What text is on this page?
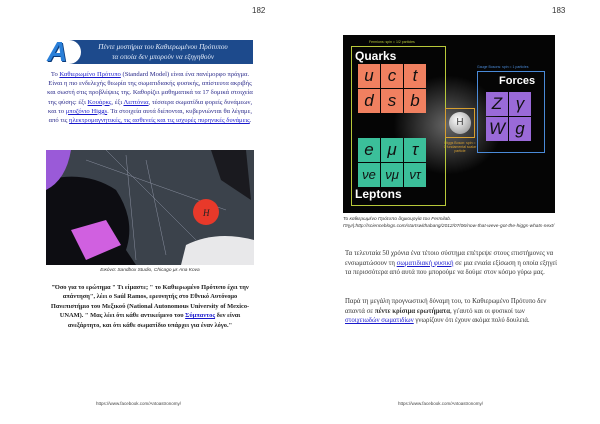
182
A	Πέντε μυστήρια του Καθιερωμένου Πρότυπου
τα οποία δεν μπορούν να εξηγηθούν

Το Καθιερωμένο Πρότυπο (Standard Model) είναι ένα πανέμορφο πράγμα. Είναι η πιο ενδελεχής θεωρία της σωματιδιακής φυσικής, απίστευτα ακριβής και σωστή στις προβλέψεις της. Καθορίζει μαθηματικά τα 17 δομικά στοιχεία της φύσης: έξι Κουάρκς, έξι Λεπτόνια, τέσσερα σωματίδια φορείς δυνάμεων, και το μποζόνιο Higgs. Τα στοιχεία αυτά διέπονται, κυβερνιώνται θα λέγαμε, από τις ηλεκτρομαγνητικές, τις ασθενείς και τις ισχυρές πυρηνικές δυνάμεις.

H
Εικόνα: Sandbox Studio, Chicago με Ana Kova

"Όσο για το ερώτημα " Τι είμαστε; " το Καθιερωμένο Πρότυπο έχει την απάντηση", λέει ο Saúl Ramos, ερευνητής στο Εθνικό Αυτόνομο Πανεπιστήμιο του Μεξικού (National Autonomous University of Mexico-UNAM). " Μας λέει ότι κάθε αντικείμενο του Σύμπαντος δεν είναι ανεξάρτητο, και ότι κάθε σωματίδιο υπάρχει για έναν λόγο."

https://www.facebook.com/Antoastronomy/
183
https://www.facebook.com/Antoastronomy/
Fermions: spin = 1/2 particles
Quarks
Leptons
u c t
d s b
e μ τ
νe νμ ντ
Gauge Bosons: spin = 1 particles
Forces
Z γ
W g
H
Higgs Boson: spin = 0 fundamental scalar particle
Το καθιερωμένο Πρότυπο δημιουργία του Fermilab.
Πηγή:http://scienceblogs.com/startswithabang/2012/07/06/now-that-weve-got-the-higgs-whats-next/

Τα τελευταία 50 χρόνια ένα τέτοιο σύστημα επέτρεψε στους επιστήμονες να ενσωματώσουν τη σωματιδιακή φυσική σε μια ενιαία εξίσωση η οποία εξηγεί τα περισσότερα από αυτά που μπορούμε να δούμε στον κόσμο γύρω μας.

Παρά τη μεγάλη προγνωστική δύναμη του, το Καθιερωμένο Πρότυπο δεν απαντά σε πέντε κρίσιμα ερωτήματα, γι'αυτό και οι φυσικοί των στοιχειωδών σωματιδίων γνωρίζουν ότι έχουν ακόμα πολύ δουλειά.
